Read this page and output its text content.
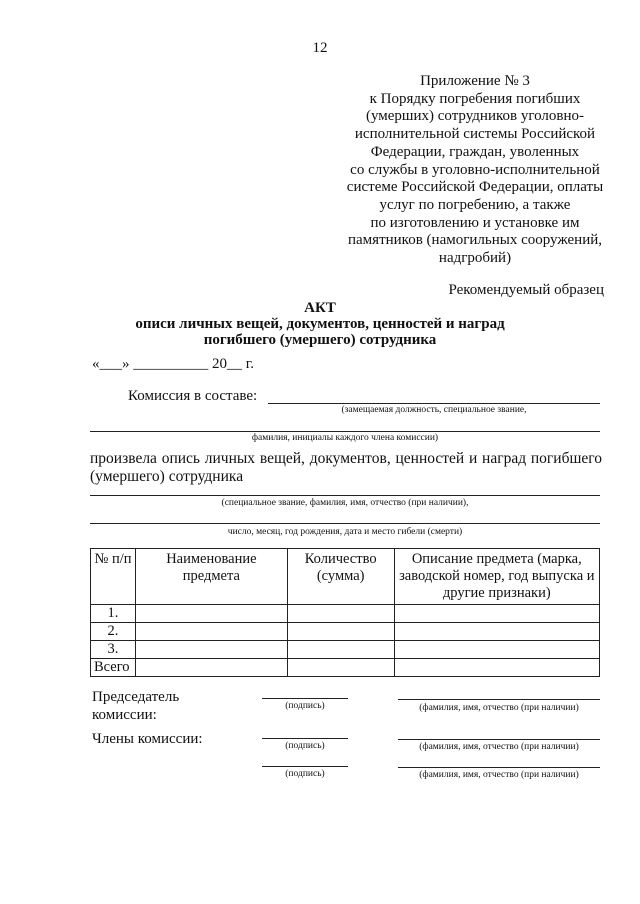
12
Приложение № 3
к Порядку погребения погибших
(умерших) сотрудников уголовно-
исполнительной системы Российской
Федерации, граждан, уволенных
со службы в уголовно-исполнительной
системе Российской Федерации, оплаты
услуг по погребению, а также
по изготовлению и установке им
памятников (намогильных сооружений,
надгробий)
Рекомендуемый образец
АКТ
описи личных вещей, документов, ценностей и наград
погибшего (умершего) сотрудника
«___» __________ 20__ г.
Комиссия в составе:
(замещаемая должность, специальное звание,
фамилия, инициалы каждого члена комиссии)
произвела опись личных вещей, документов, ценностей и наград погибшего (умершего) сотрудника
(специальное звание, фамилия, имя, отчество (при наличии),
число, месяц, год рождения, дата и место гибели (смерти)
№ п/п	Наименование предмета	Количество (сумма)	Описание предмета (марка, заводской номер, год выпуска и другие признаки)
1.			
2.			
3.			
Всего			
Председатель комиссии:
(подпись)	(фамилия, имя, отчество (при наличии)
Члены комиссии:	(подпись)	(фамилия, имя, отчество (при наличии)
(подпись)	(фамилия, имя, отчество (при наличии)
